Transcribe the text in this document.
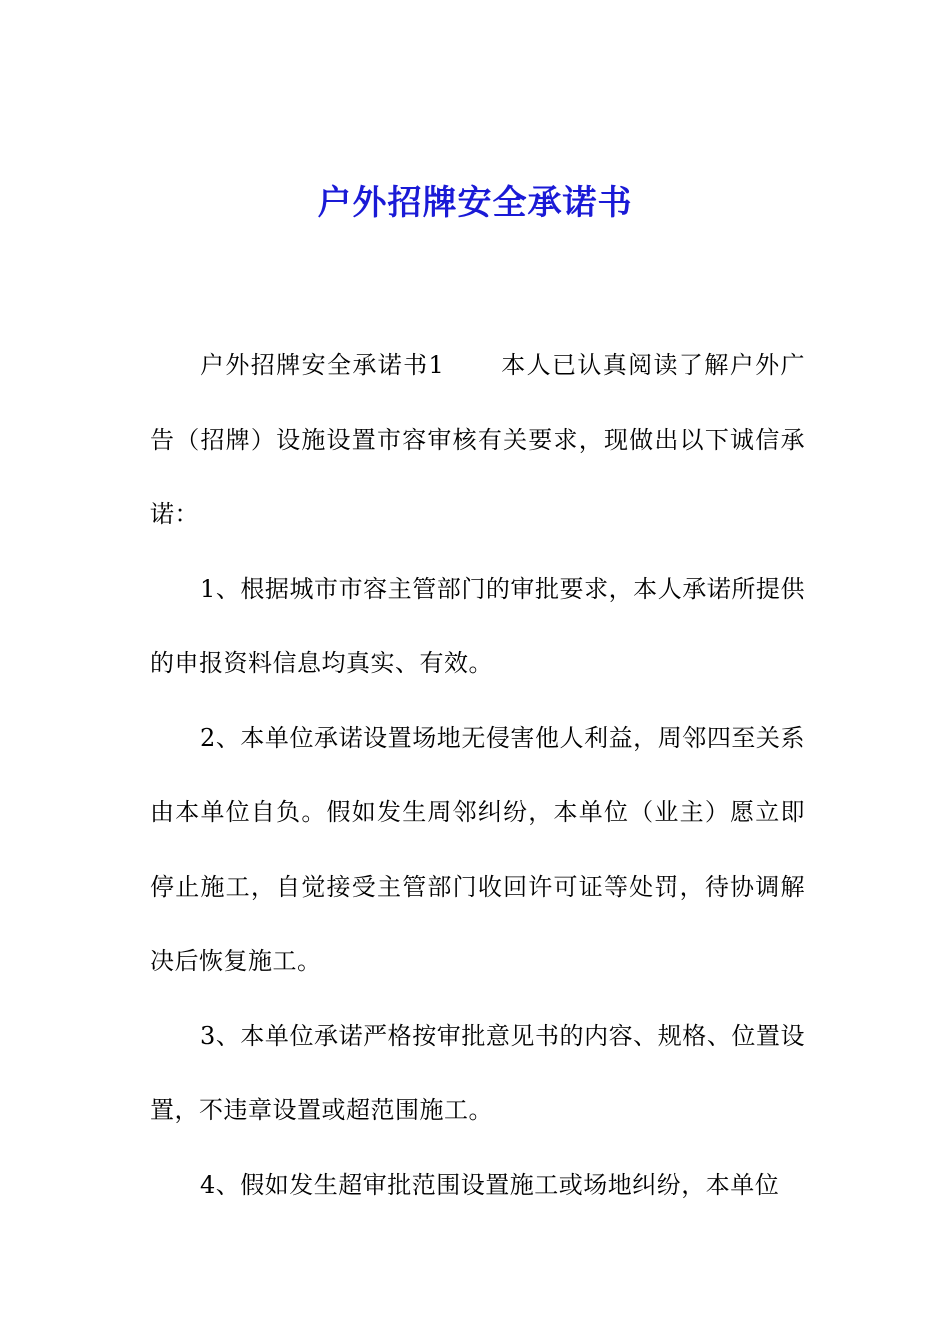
户外招牌安全承诺书

户外招牌安全承诺书1 本人已认真阅读了解户外广告（招牌）设施设置市容审核有关要求，现做出以下诚信承诺：

1、根据城市市容主管部门的审批要求，本人承诺所提供的申报资料信息均真实、有效。

2、本单位承诺设置场地无侵害他人利益，周邻四至关系由本单位自负。假如发生周邻纠纷，本单位（业主）愿立即停止施工，自觉接受主管部门收回许可证等处罚，待协调解决后恢复施工。

3、本单位承诺严格按审批意见书的内容、规格、位置设置，不违章设置或超范围施工。

4、假如发生超审批范围设置施工或场地纠纷，本单位
